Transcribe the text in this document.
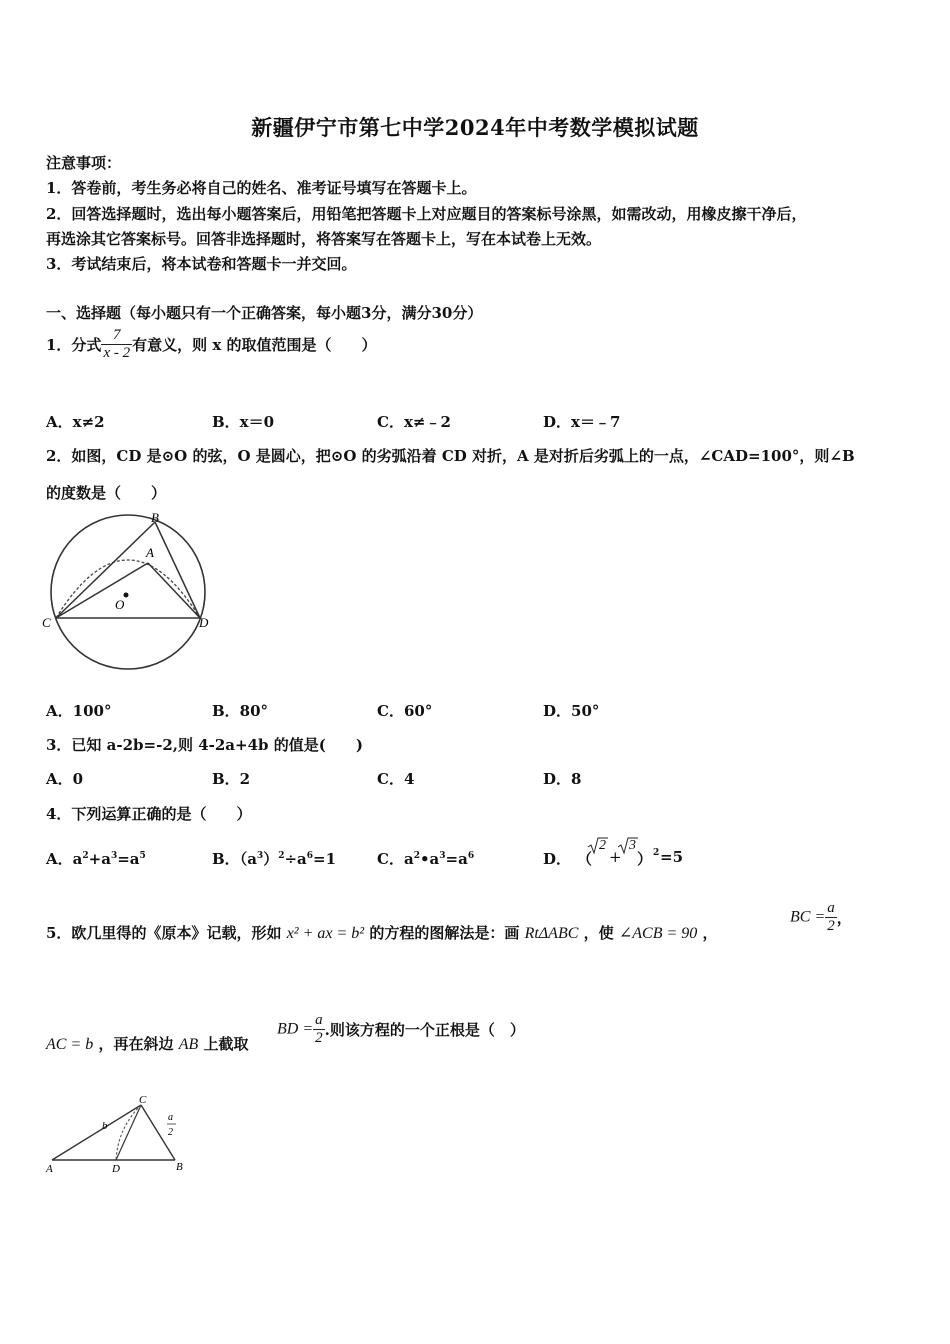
新疆伊宁市第七中学2024年中考数学模拟试题
注意事项：
1．答卷前，考生务必将自己的姓名、准考证号填写在答题卡上。
2．回答选择题时，选出每小题答案后，用铅笔把答题卡上对应题目的答案标号涂黑，如需改动，用橡皮擦干净后，
再选涂其它答案标号。回答非选择题时，将答案写在答题卡上，写在本试卷上无效。
3．考试结束后，将本试卷和答题卡一并交回。
一、选择题（每小题只有一个正确答案，每小题3分，满分30分）
1．分式 $\frac{7}{x - 2}$ 有意义，则 x 的取值范围是（　　）
A．x≠2	B．x＝0	C．x≠﹣2	D．x＝﹣7
2．如图，CD 是⊙O 的弦，O 是圆心，把⊙O 的劣弧沿着 CD 对折，A 是对折后劣弧上的一点，∠CAD=100°，则∠B
的度数是（　　）
B
A
O
C	D
A．100°	B．80°	C．60°	D．50°
3．已知 a-2b=-2,则 4-2a+4b 的值是(　　)
A．0	B．2	C．4	D．8
4．下列运算正确的是（　　）
A．$a^2+a^3=a^5$	B．$(a^3)^2\div a^6=1$	C．$a^2•a^3=a^6$	D． （
2
+
3
） 2 =5
5．欧几里得的《原本》记载，形如 x² + ax = b² 的方程的图解法是：画 RtΔABC ，使 ∠ACB = 90 ，
BC = $\frac{a}{2}$ ，
AC = b ，再在斜边 AB 上截取
BD = $\frac{a}{2}$ .则该方程的一个正根是（　）
C
b
a
2
A	D	B
